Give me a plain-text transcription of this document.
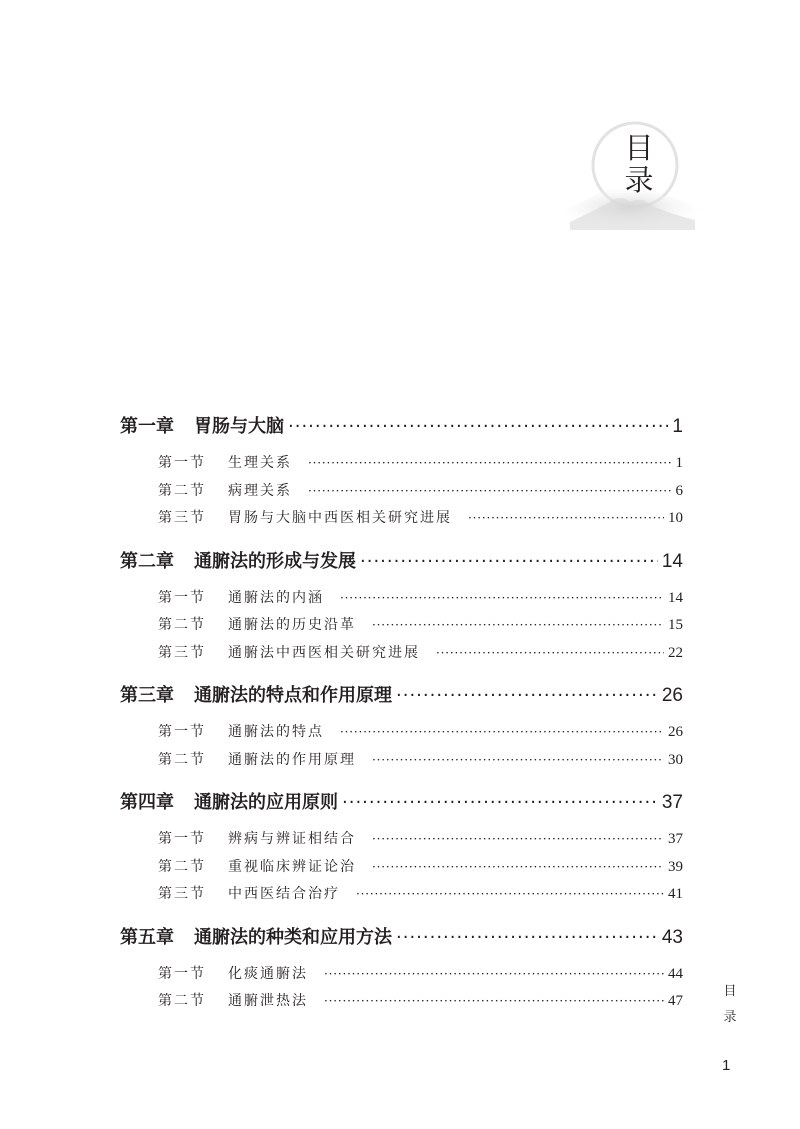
目
录
第一章 胃肠与大脑 ·····	1
第一节 生理关系 ·····	1
第二节 病理关系 ·····	6
第三节 胃肠与大脑中西医相关研究进展 ·····	10
第二章 通腑法的形成与发展 ·····	14
第一节 通腑法的内涵 ·····	14
第二节 通腑法的历史沿革 ·····	15
第三节 通腑法中西医相关研究进展 ·····	22
第三章 通腑法的特点和作用原理 ·····	26
第一节 通腑法的特点 ·····	26
第二节 通腑法的作用原理 ·····	30
第四章 通腑法的应用原则 ·····	37
第一节 辨病与辨证相结合 ·····	37
第二节 重视临床辨证论治 ·····	39
第三节 中西医结合治疗 ·····	41
第五章 通腑法的种类和应用方法 ·····	43
第一节 化痰通腑法 ·····	44
第二节 通腑泄热法 ·····	47
目
录
1
